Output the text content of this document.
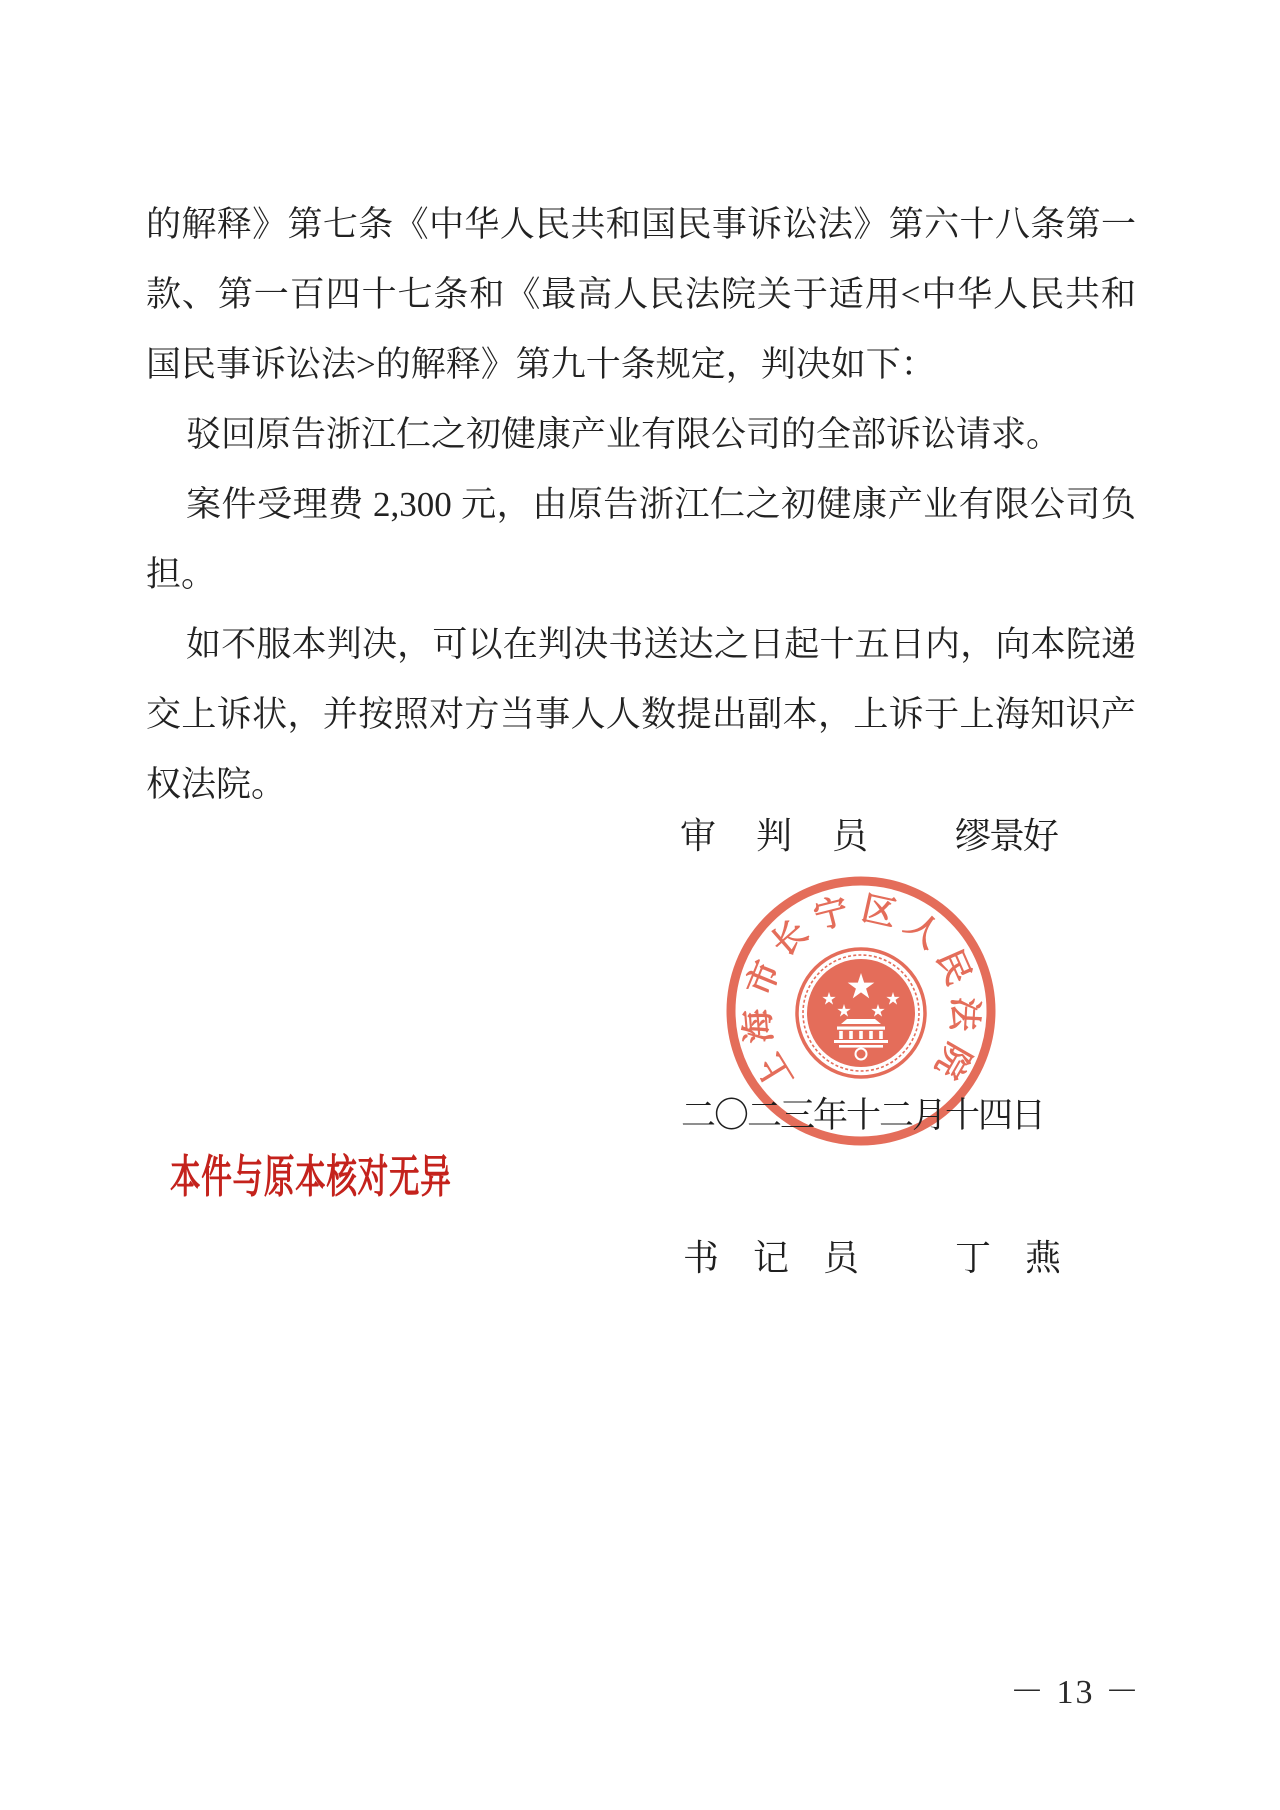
的解释》第七条《中华人民共和国民事诉讼法》第六十八条第一款、第一百四十七条和《最高人民法院关于适用<中华人民共和国民事诉讼法>的解释》第九十条规定，判决如下：

驳回原告浙江仁之初健康产业有限公司的全部诉讼请求。

案件受理费 2,300 元，由原告浙江仁之初健康产业有限公司负担。

如不服本判决，可以在判决书送达之日起十五日内，向本院递交上诉状，并按照对方当事人人数提出副本，上诉于上海知识产权法院。

审　判　员 缪景好
上海市长宁区人民法院
二〇二三年十二月十四日
本件与原本核对无异
书　记　员	丁　燕
－ 13 －
